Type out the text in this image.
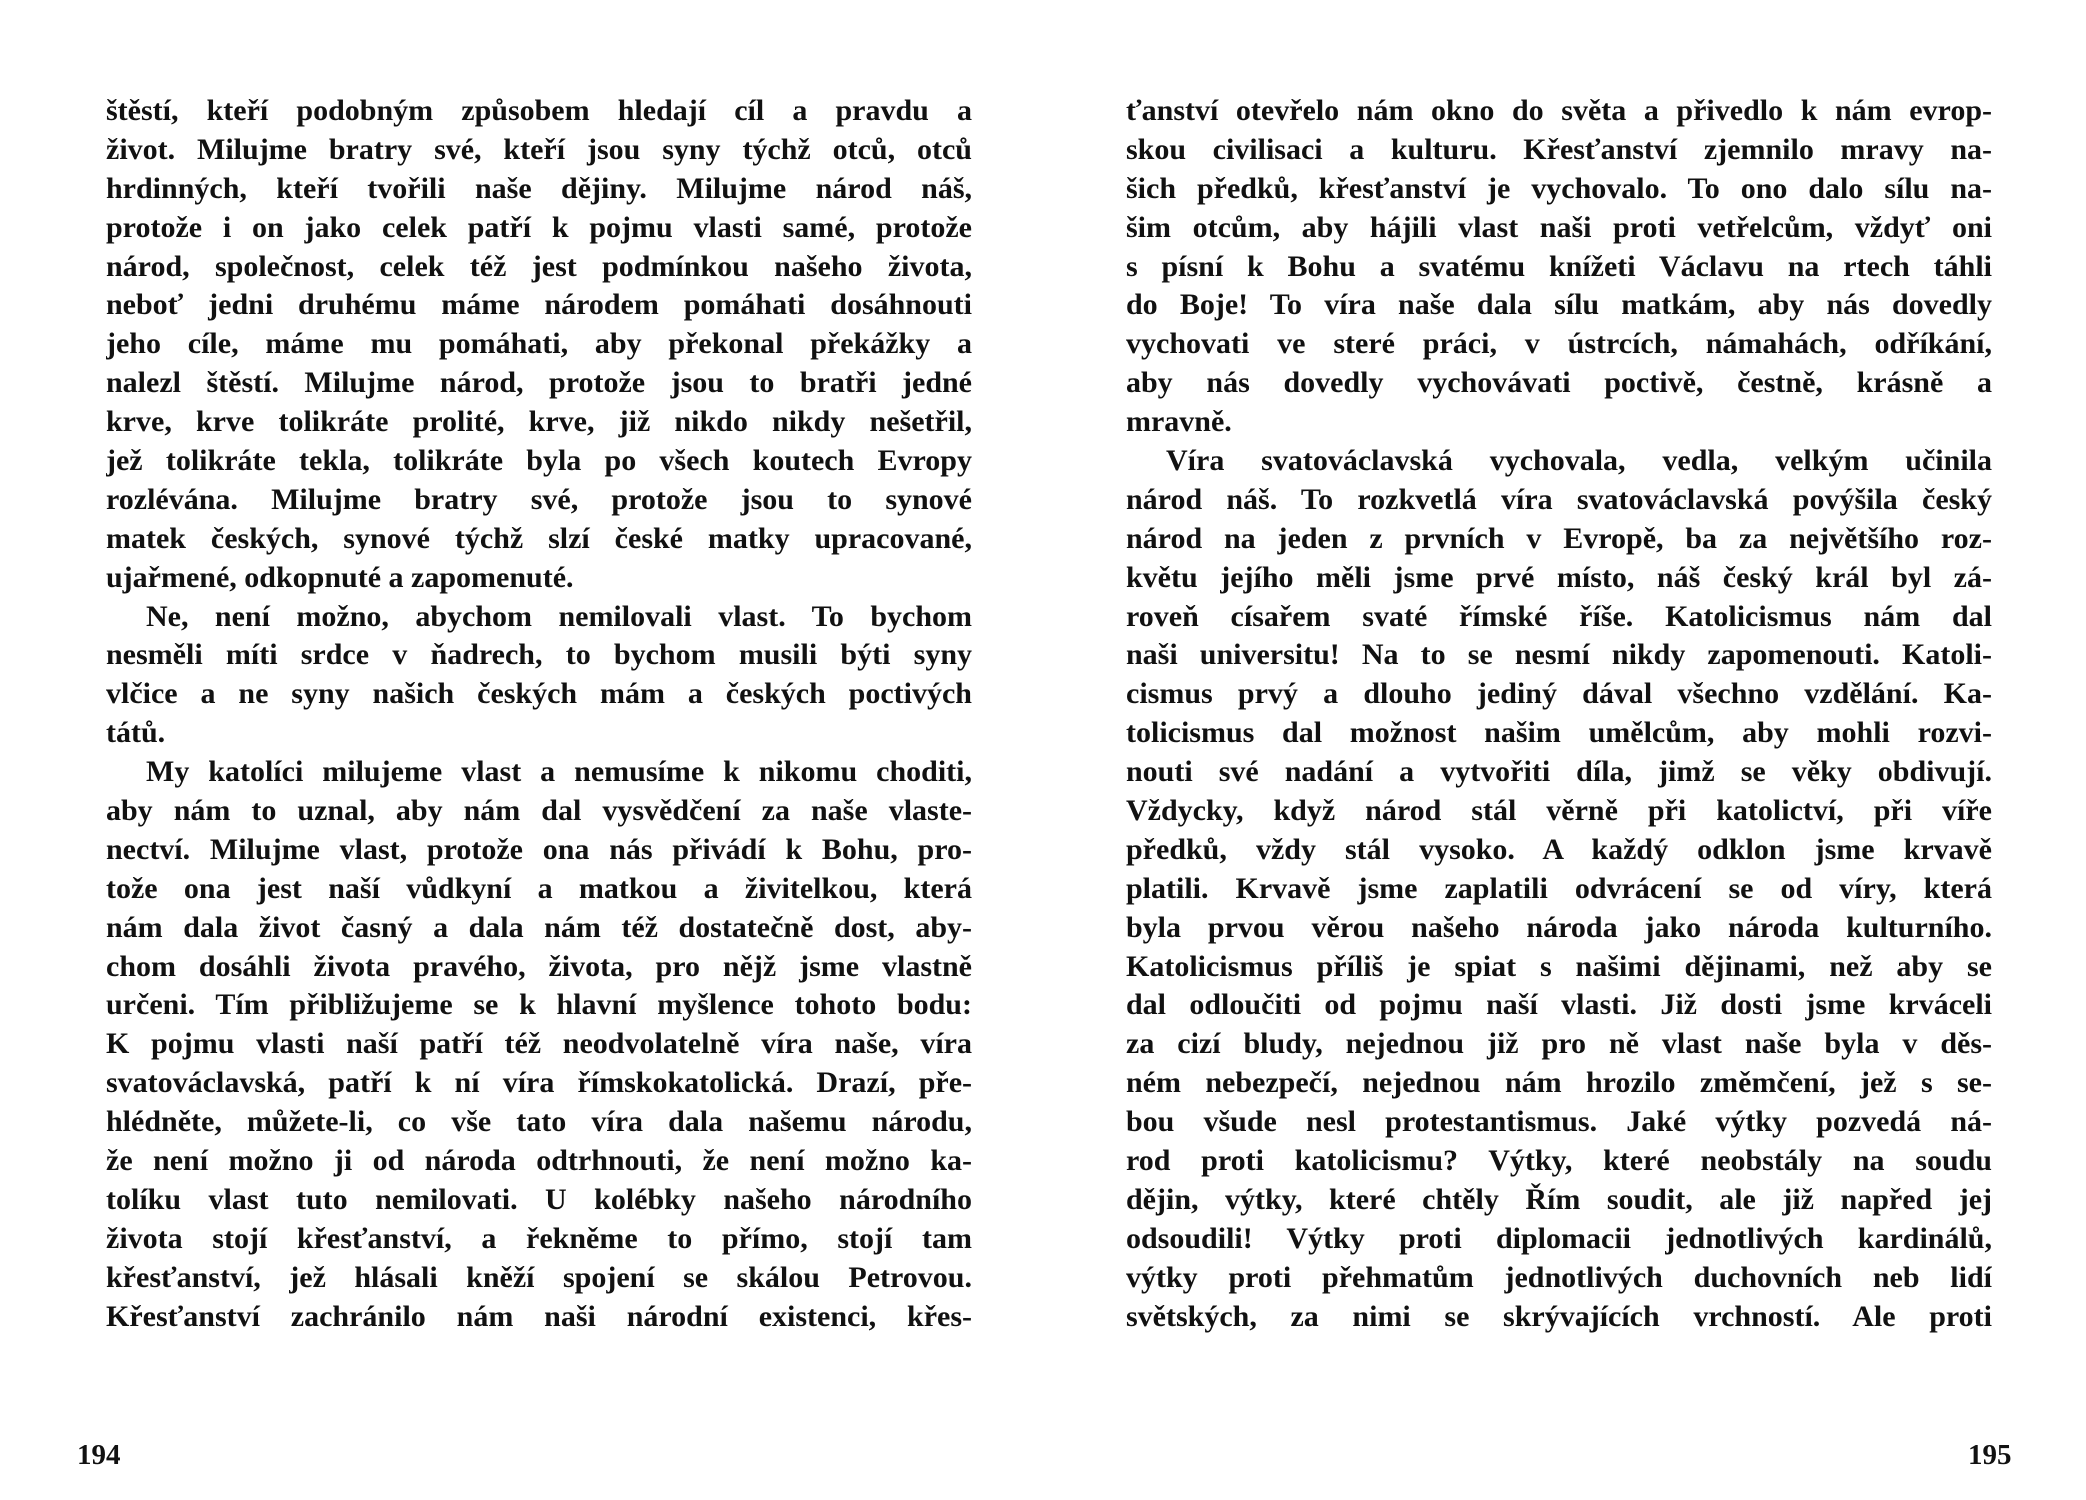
štěstí, kteří podobným způsobem hledají cíl a pravdu a
život. Milujme bratry své, kteří jsou syny týchž otců, otců
hrdinných, kteří tvořili naše dějiny. Milujme národ náš,
protože i on jako celek patří k pojmu vlasti samé, protože
národ, společnost, celek též jest podmínkou našeho života,
neboť jedni druhému máme národem pomáhati dosáhnouti
jeho cíle, máme mu pomáhati, aby překonal překážky a
nalezl štěstí. Milujme národ, protože jsou to bratři jedné
krve, krve tolikráte prolité, krve, již nikdo nikdy nešetřil,
jež tolikráte tekla, tolikráte byla po všech koutech Evropy
rozlévána. Milujme bratry své, protože jsou to synové
matek českých, synové týchž slzí české matky upracované,
ujařmené, odkopnuté a zapomenuté.
Ne, není možno, abychom nemilovali vlast. To bychom
nesměli míti srdce v ňadrech, to bychom musili býti syny
vlčice a ne syny našich českých mám a českých poctivých
tátů.
My katolíci milujeme vlast a nemusíme k nikomu choditi,
aby nám to uznal, aby nám dal vysvědčení za naše vlaste-
nectví. Milujme vlast, protože ona nás přivádí k Bohu, pro-
tože ona jest naší vůdkyní a matkou a živitelkou, která
nám dala život časný a dala nám též dostatečně dost, aby-
chom dosáhli života pravého, života, pro nějž jsme vlastně
určeni. Tím přibližujeme se k hlavní myšlence tohoto bodu:
K pojmu vlasti naší patří též neodvolatelně víra naše, víra
svatováclavská, patří k ní víra římskokatolická. Drazí, pře-
hlédněte, můžete-li, co vše tato víra dala našemu národu,
že není možno ji od národa odtrhnouti, že není možno ka-
tolíku vlast tuto nemilovati. U kolébky našeho národního
života stojí křesťanství, a řekněme to přímo, stojí tam
křesťanství, jež hlásali kněží spojení se skálou Petrovou.
Křesťanství zachránilo nám naši národní existenci, křes-
ťanství otevřelo nám okno do světa a přivedlo k nám evrop-
skou civilisaci a kulturu. Křesťanství zjemnilo mravy na-
šich předků, křesťanství je vychovalo. To ono dalo sílu na-
šim otcům, aby hájili vlast naši proti vetřelcům, vždyť oni
s písní k Bohu a svatému knížeti Václavu na rtech táhli
do Boje! To víra naše dala sílu matkám, aby nás dovedly
vychovati ve steré práci, v ústrcích, námahách, odříkání,
aby nás dovedly vychovávati poctivě, čestně, krásně a
mravně.
Víra svatováclavská vychovala, vedla, velkým učinila
národ náš. To rozkvetlá víra svatováclavská povýšila český
národ na jeden z prvních v Evropě, ba za největšího roz-
květu jejího měli jsme prvé místo, náš český král byl zá-
roveň císařem svaté římské říše. Katolicismus nám dal
naši universitu! Na to se nesmí nikdy zapomenouti. Katoli-
cismus prvý a dlouho jediný dával všechno vzdělání. Ka-
tolicismus dal možnost našim umělcům, aby mohli rozvi-
nouti své nadání a vytvořiti díla, jimž se věky obdivují.
Vždycky, když národ stál věrně při katolictví, při víře
předků, vždy stál vysoko. A každý odklon jsme krvavě
platili. Krvavě jsme zaplatili odvrácení se od víry, která
byla prvou věrou našeho národa jako národa kulturního.
Katolicismus příliš je spiat s našimi dějinami, než aby se
dal odloučiti od pojmu naší vlasti. Již dosti jsme krváceli
za cizí bludy, nejednou již pro ně vlast naše byla v děs-
ném nebezpečí, nejednou nám hrozilo změmčení, jež s se-
bou všude nesl protestantismus. Jaké výtky pozvedá ná-
rod proti katolicismu? Výtky, které neobstály na soudu
dějin, výtky, které chtěly Řím soudit, ale již napřed jej
odsoudili! Výtky proti diplomacii jednotlivých kardinálů,
výtky proti přehmatům jednotlivých duchovních neb lidí
světských, za nimi se skrývajících vrchností. Ale proti
194	195
